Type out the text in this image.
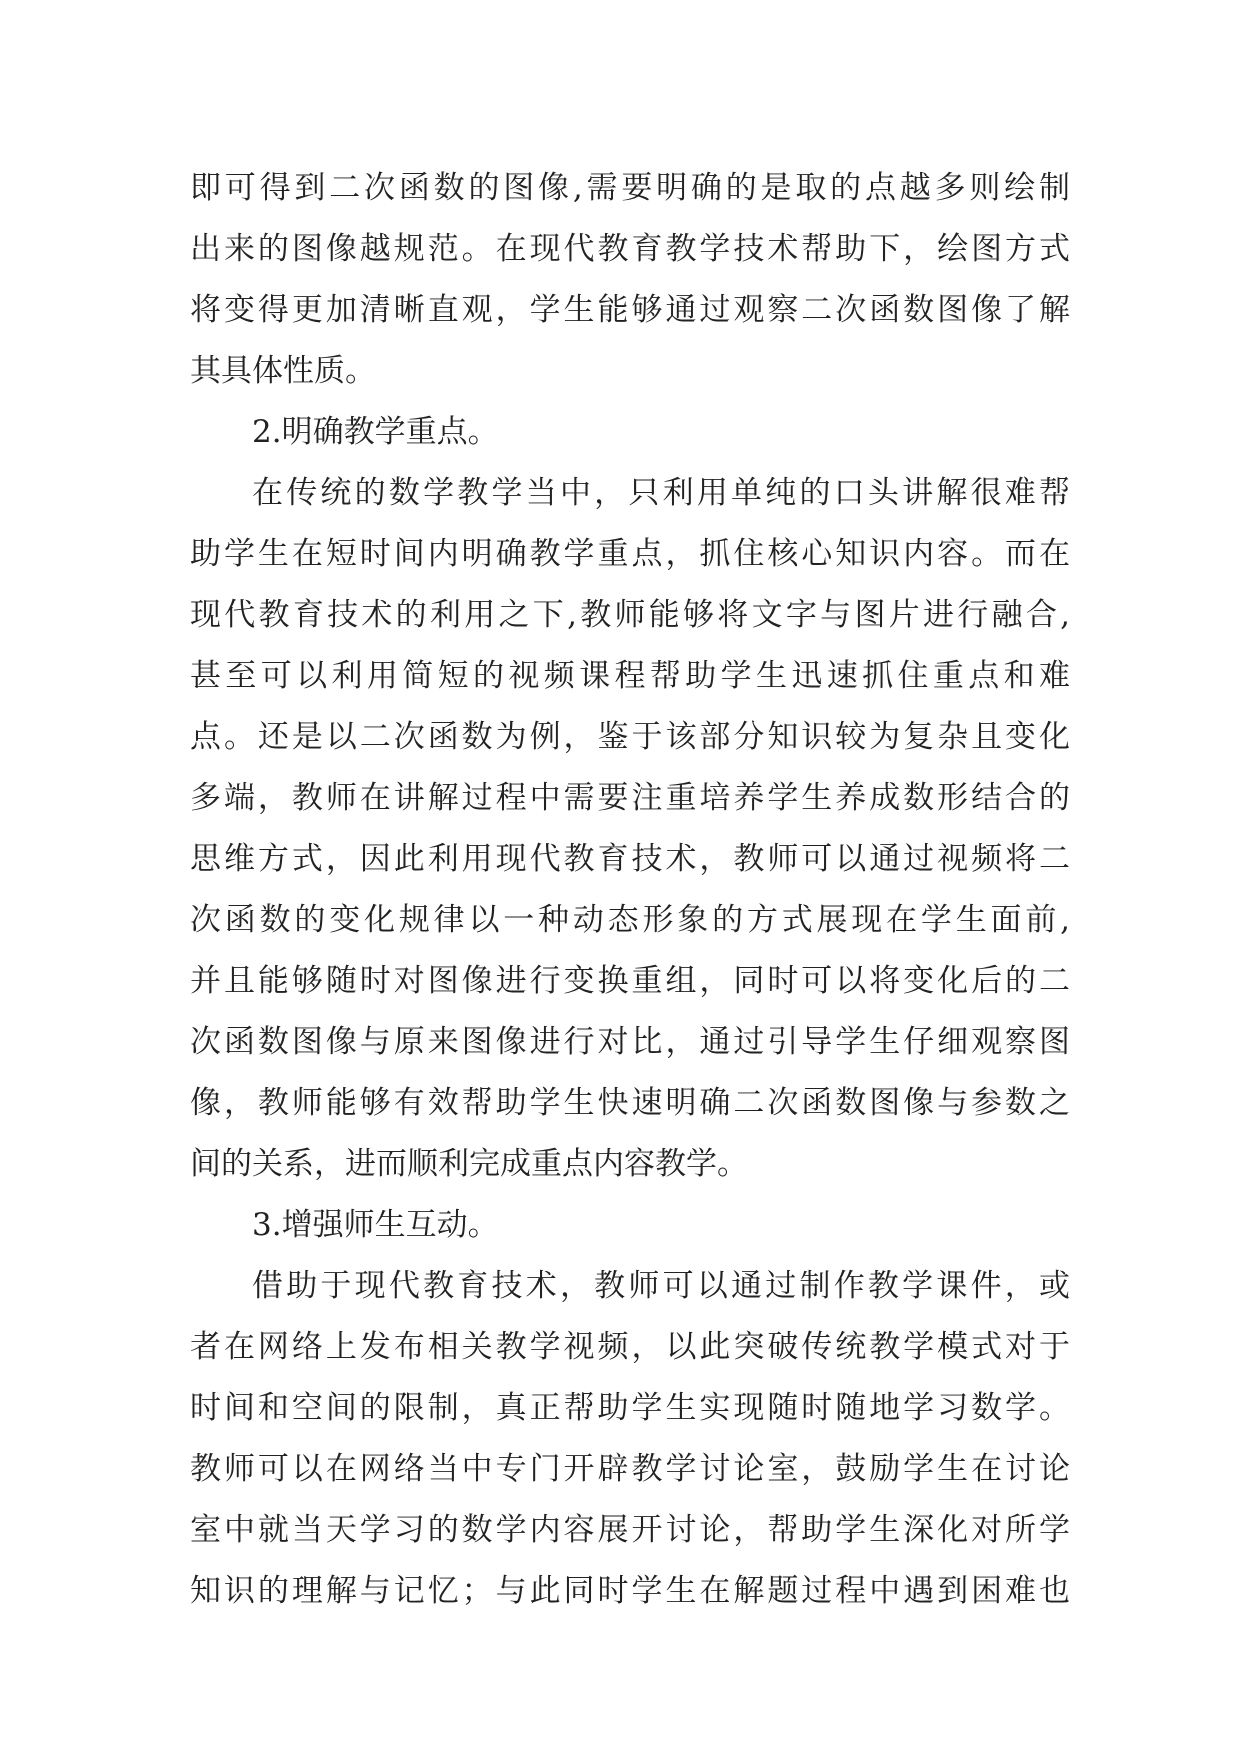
即可得到二次函数的图像,需要明确的是取的点越多则绘制
出来的图像越规范。在现代教育教学技术帮助下，绘图方式
将变得更加清晰直观，学生能够通过观察二次函数图像了解
其具体性质。
2.明确教学重点。
在传统的数学教学当中，只利用单纯的口头讲解很难帮
助学生在短时间内明确教学重点，抓住核心知识内容。而在
现代教育技术的利用之下,教师能够将文字与图片进行融合,
甚至可以利用简短的视频课程帮助学生迅速抓住重点和难
点。还是以二次函数为例，鉴于该部分知识较为复杂且变化
多端，教师在讲解过程中需要注重培养学生养成数形结合的
思维方式，因此利用现代教育技术，教师可以通过视频将二
次函数的变化规律以一种动态形象的方式展现在学生面前,
并且能够随时对图像进行变换重组，同时可以将变化后的二
次函数图像与原来图像进行对比，通过引导学生仔细观察图
像，教师能够有效帮助学生快速明确二次函数图像与参数之
间的关系，进而顺利完成重点内容教学。
3.增强师生互动。
借助于现代教育技术，教师可以通过制作教学课件，或
者在网络上发布相关教学视频，以此突破传统教学模式对于
时间和空间的限制，真正帮助学生实现随时随地学习数学。
教师可以在网络当中专门开辟教学讨论室，鼓励学生在讨论
室中就当天学习的数学内容展开讨论，帮助学生深化对所学
知识的理解与记忆；与此同时学生在解题过程中遇到困难也
